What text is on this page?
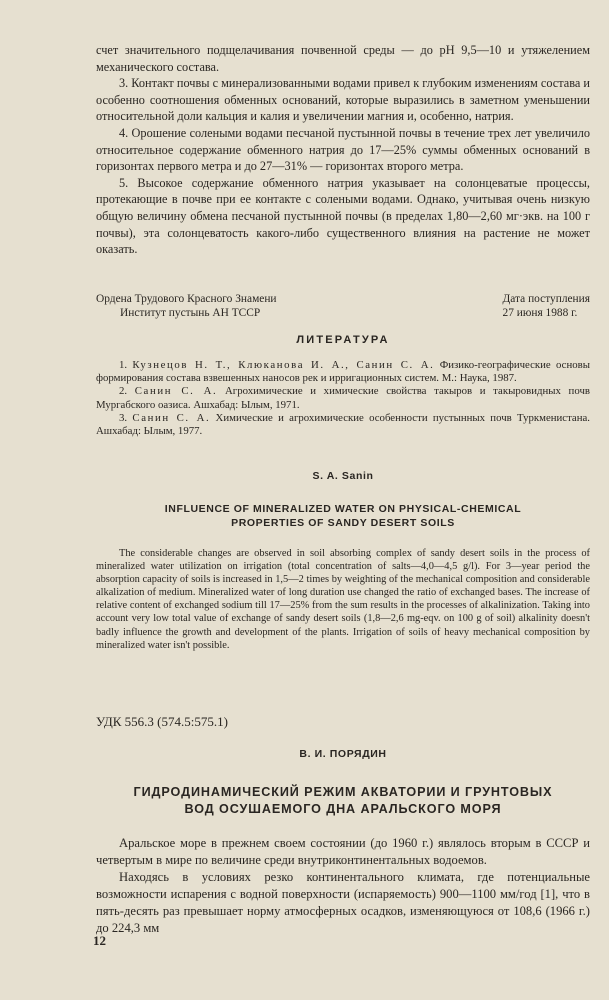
счет значительного подщелачивания почвенной среды — до pH 9,5—10 и утяжелением механического состава.

3. Контакт почвы с минерализованными водами привел к глубоким изменениям состава и особенно соотношения обменных оснований, которые выразились в заметном уменьшении относительной доли кальция и калия и увеличении магния и, особенно, натрия.

4. Орошение солеными водами песчаной пустынной почвы в течение трех лет увеличило относительное содержание обменного натрия до 17—25% суммы обменных оснований в горизонтах первого метра и до 27—31% — горизонтах второго метра.

5. Высокое содержание обменного натрия указывает на солонцеватые процессы, протекающие в почве при ее контакте с солеными водами. Однако, учитывая очень низкую общую величину обмена песчаной пустынной почвы (в пределах 1,80—2,60 мг·экв. на 100 г почвы), эта солонцеватость какого-либо существенного влияния на растение не может оказать.

Ордена Трудового Красного Знамени
Институт пустынь АН ТССР
Дата поступления
27 июня 1988 г.
ЛИТЕРАТУРА

1. Кузнецов Н. Т., Клюканова И. А., Санин С. А. Физико-географические основы формирования состава взвешенных наносов рек и ирригационных систем. М.: Наука, 1987.

2. Санин С. А. Агрохимические и химические свойства такыров и такыровидных почв Мургабского оазиса. Ашхабад: Ылым, 1971.

3. Санин С. А. Химические и агрохимические особенности пустынных почв Туркменистана. Ашхабад: Ылым, 1977.

S. A. Sanin
INFLUENCE OF MINERALIZED WATER ON PHYSICAL-CHEMICAL
PROPERTIES OF SANDY DESERT SOILS

The considerable changes are observed in soil absorbing complex of sandy desert soils in the process of mineralized water utilization on irrigation (total concentration of salts—4,0—4,5 g/l). For 3—year period the absorption capacity of soils is increased in 1,5—2 times by weighting of the mechanical composition and considerable alkalization of medium. Mineralized water of long duration use changed the ratio of exchanged bases. The increase of relative content of exchanged sodium till 17—25% from the sum results in the processes of alkalinization. Taking into account very low total value of exchange of sandy desert soils (1,8—2,6 mg-eqv. on 100 g of soil) alkalinity doesn't badly influence the growth and development of the plants. Irrigation of soils of heavy mechanical composition by mineralized water isn't possible.

УДК 556.3 (574.5:575.1)
В. И. ПОРЯДИН
ГИДРОДИНАМИЧЕСКИЙ РЕЖИМ АКВАТОРИИ И ГРУНТОВЫХ
ВОД ОСУШАЕМОГО ДНА АРАЛЬСКОГО МОРЯ

Аральское море в прежнем своем состоянии (до 1960 г.) являлось вторым в СССР и четвертым в мире по величине среди внутриконтинентальных водоемов.

Находясь в условиях резко континентального климата, где потенциальные возможности испарения с водной поверхности (испаряемость) 900—1100 мм/год [1], что в пять-десять раз превышает норму атмосферных осадков, изменяющуюся от 108,6 (1966 г.) до 224,3 мм

12
